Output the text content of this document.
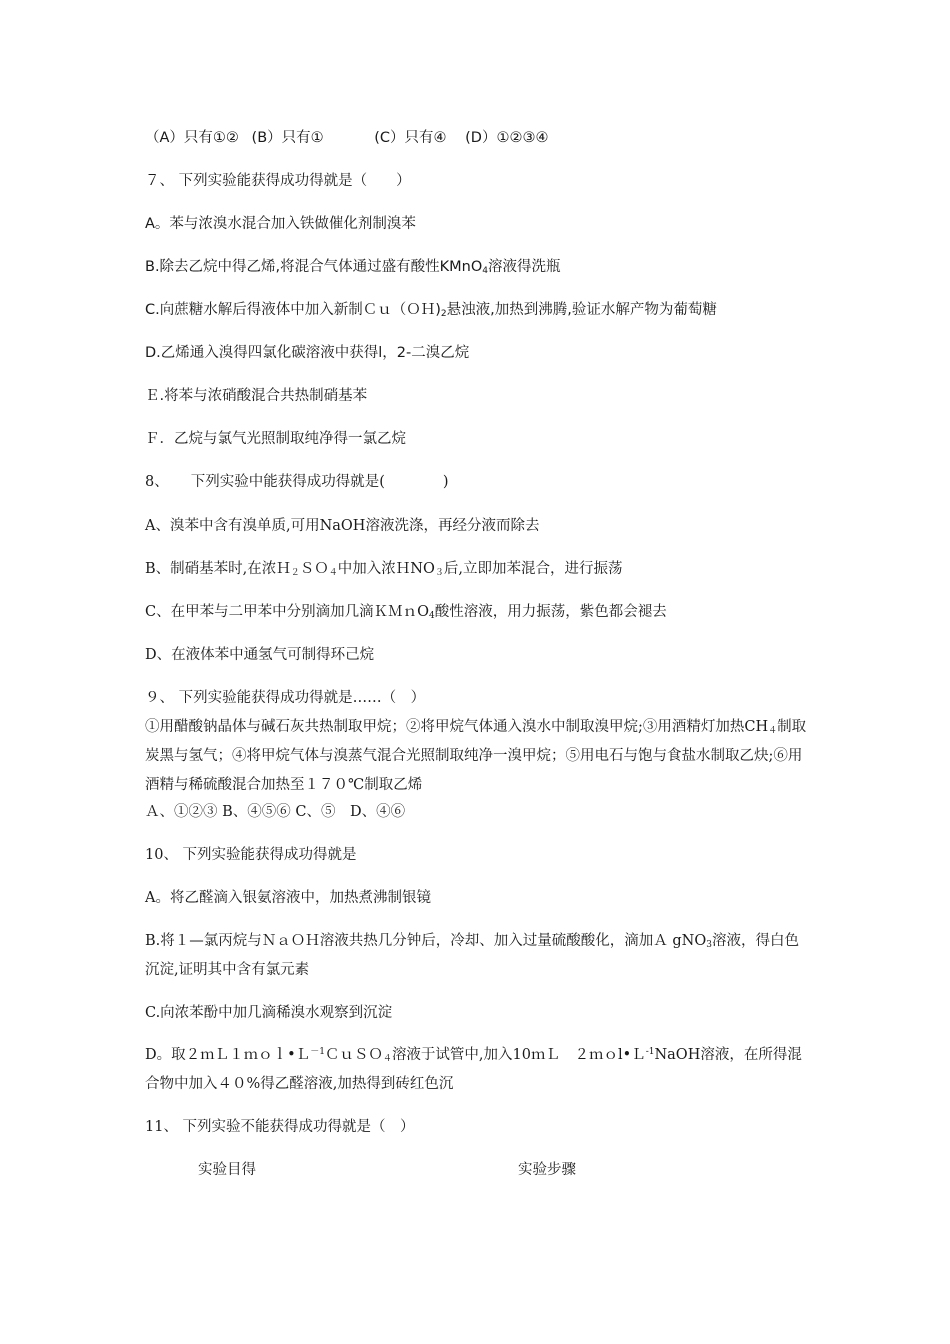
（A）只有①② (B）只有①	(C）只有④ (D）①②③④
７、 下列实验能获得成功得就是（　　）
A。苯与浓溴水混合加入铁做催化剂制溴苯
B.除去乙烷中得乙烯,将混合气体通过盛有酸性KMnO$_4$溶液得洗瓶
C.向蔗糖水解后得液体中加入新制$Cu(OH)_2$悬浊液,加热到沸腾,验证水解产物为葡萄糖
D.乙烯通入溴得四氯化碳溶液中获得l，2-二溴乙烷
Ｅ.将苯与浓硝酸混合共热制硝基苯
Ｆ．乙烷与氯气光照制取纯净得一氯乙烷
8、 下列实验中能获得成功得就是(　　　　)
A、溴苯中含有溴单质,可用NaOH溶液洗涤，再经分液而除去
B、制硝基苯时,在浓Ｈ$_2$ＳＯ$_4$中加入浓ＨNO$_3$后,立即加苯混合，进行振荡
C、在甲苯与二甲苯中分别滴加几滴ＫＭｎO$_4$酸性溶液，用力振荡，紫色都会褪去
D、在液体苯中通氢气可制得环己烷
９、 下列实验能获得成功得就是……（　）
①用醋酸钠晶体与碱石灰共热制取甲烷；②将甲烷气体通入溴水中制取溴甲烷;③用酒精灯加热$CH_4$制取炭黑与氢气；④将甲烷气体与溴蒸气混合光照制取纯净一溴甲烷；⑤用电石与饱与食盐水制取乙炔;⑥用酒精与稀硫酸混合加热至１７０℃制取乙烯
Ａ、①②③ B、④⑤⑥ C、⑤　D、④⑥
10、 下列实验能获得成功得就是
A。将乙醛滴入银氨溶液中，加热煮沸制银镜
B.将１—氯丙烷与ＮａＯＨ溶液共热几分钟后，冷却、加入过量硫酸酸化，滴加Ａ gNO$_3$溶液，得白色沉淀,证明其中含有氯元素
C.向浓苯酚中加几滴稀溴水观察到沉淀
D。取２ｍＬ１ｍｏｌ•Ｌ$^{-1}$ＣｕＳＯ$_4$溶液于试管中,加入10ｍＬ　２ｍｏl•Ｌ$^{-1}$NaOH溶液，在所得混合物中加入４０%得乙醛溶液,加热得到砖红色沉
11、 下列实验不能获得成功得就是（　）
实验目得	实验步骤
